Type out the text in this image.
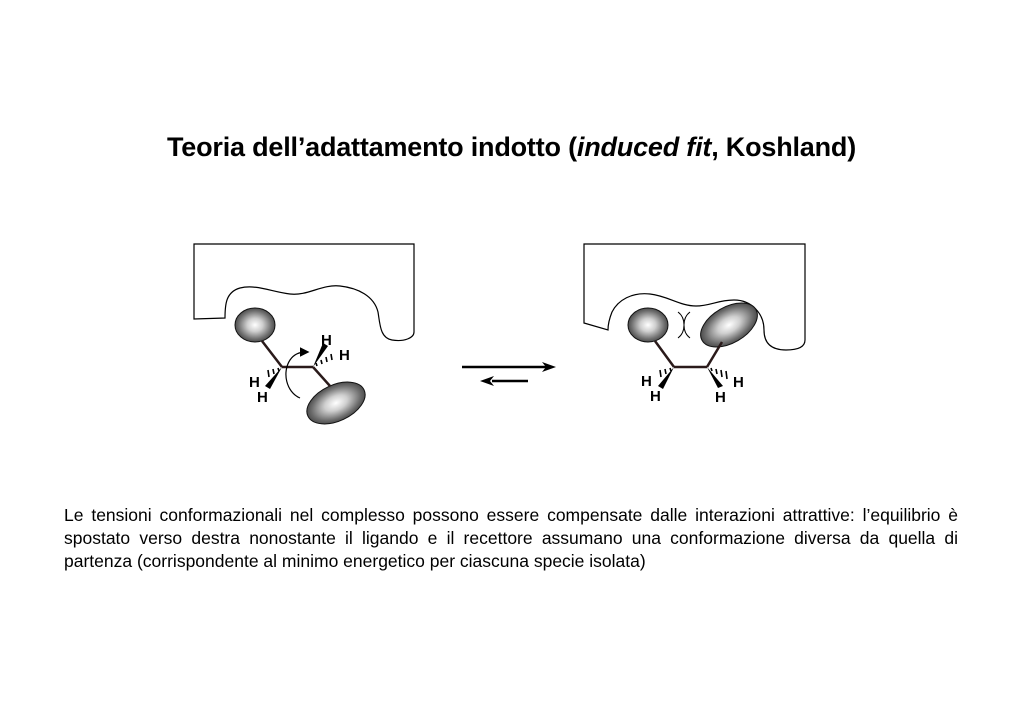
Teoria dell’adattamento indotto (induced fit, Koshland)
H
H
H
H
H
H
H
H
Le tensioni conformazionali nel complesso possono essere compensate dalle interazioni attrattive: l’equilibrio è spostato verso destra nonostante il ligando e il recettore assumano una conformazione diversa da quella di partenza (corrispondente al minimo energetico per ciascuna specie isolata)
